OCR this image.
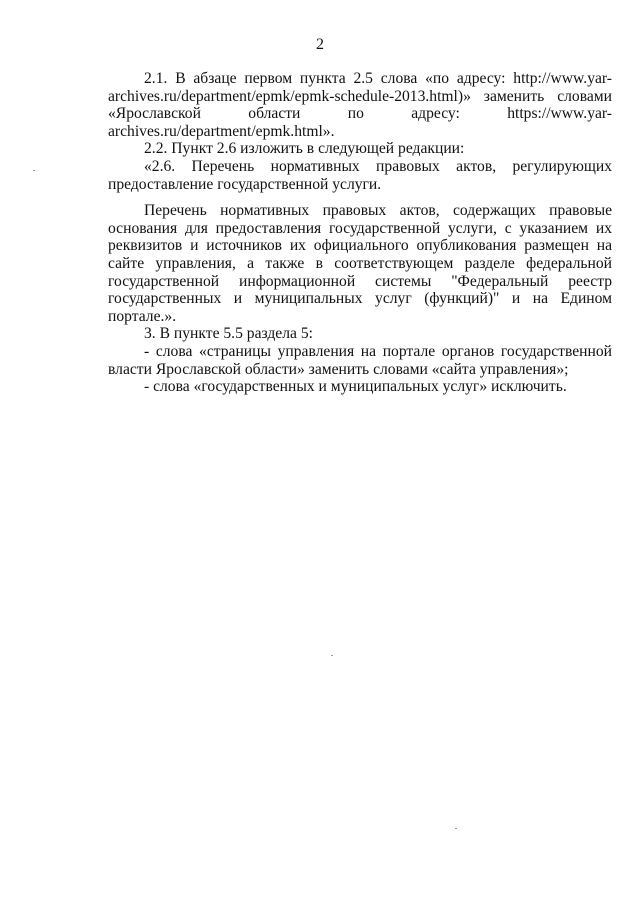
2

2.1. В абзаце первом пункта 2.5 слова «по адресу: http://www.yar-archives.ru/department/epmk/epmk-schedule-2013.html)» заменить словами «Ярославской области по адресу: https://www.yar-archives.ru/department/epmk.html».

2.2. Пункт 2.6 изложить в следующей редакции:

«2.6. Перечень нормативных правовых актов, регулирующих предоставление государственной услуги.

Перечень нормативных правовых актов, содержащих правовые основания для предоставления государственной услуги, с указанием их реквизитов и источников их официального опубликования размещен на сайте управления, а также в соответствующем разделе федеральной государственной информационной системы "Федеральный реестр государственных и муниципальных услуг (функций)" и на Едином портале.».

3. В пункте 5.5 раздела 5:

- слова «страницы управления на портале органов государственной власти Ярославской области» заменить словами «сайта управления»;

- слова «государственных и муниципальных услуг» исключить.
